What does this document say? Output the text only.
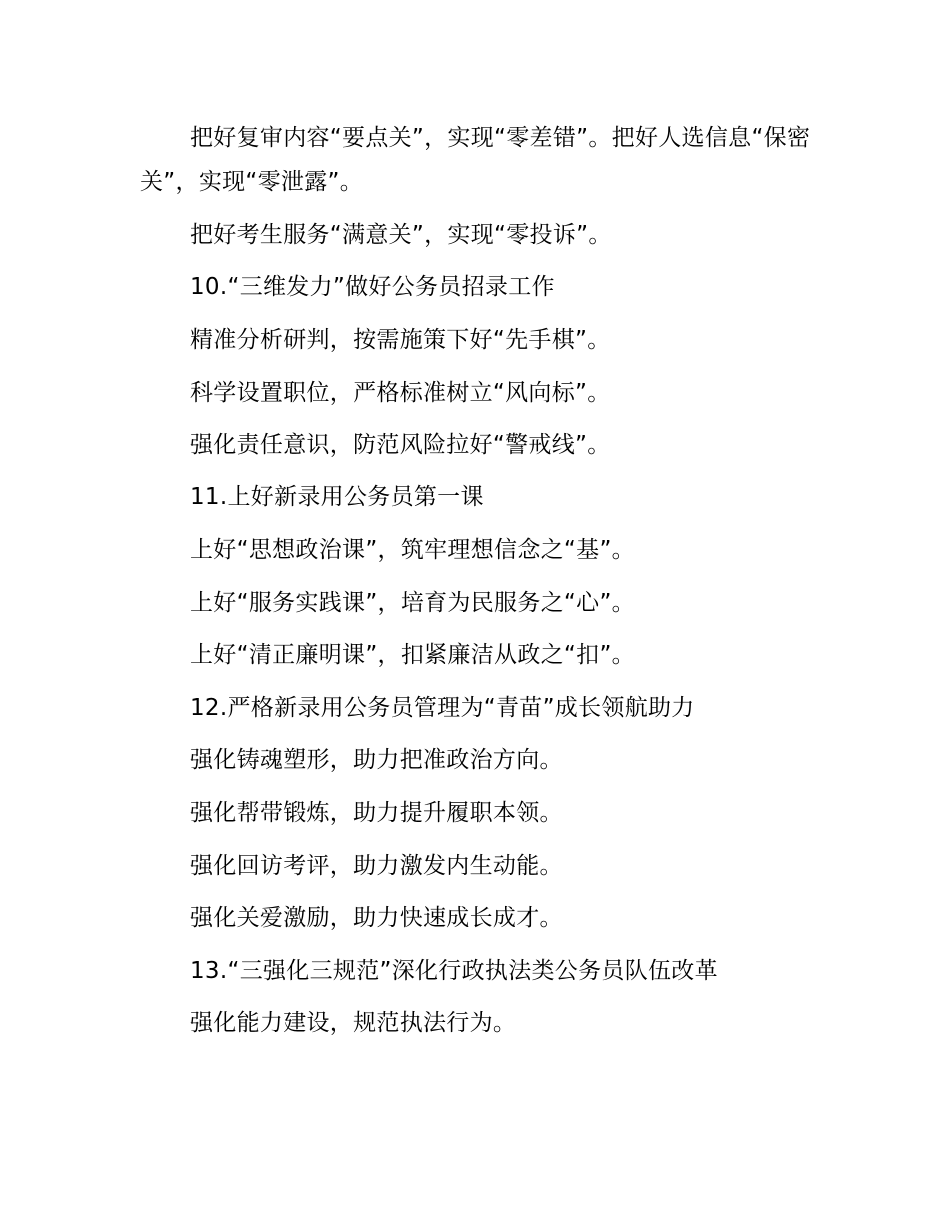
把好复审内容“要点关”，实现“零差错”。把好人选信息“保密关”，实现“零泄露”。

把好考生服务“满意关”，实现“零投诉”。

10.“三维发力”做好公务员招录工作

精准分析研判，按需施策下好“先手棋”。

科学设置职位，严格标准树立“风向标”。

强化责任意识，防范风险拉好“警戒线”。

11.上好新录用公务员第一课

上好“思想政治课”，筑牢理想信念之“基”。

上好“服务实践课”，培育为民服务之“心”。

上好“清正廉明课”，扣紧廉洁从政之“扣”。

12.严格新录用公务员管理为“青苗”成长领航助力

强化铸魂塑形，助力把准政治方向。

强化帮带锻炼，助力提升履职本领。

强化回访考评，助力激发内生动能。

强化关爱激励，助力快速成长成才。

13.“三强化三规范”深化行政执法类公务员队伍改革

强化能力建设，规范执法行为。
